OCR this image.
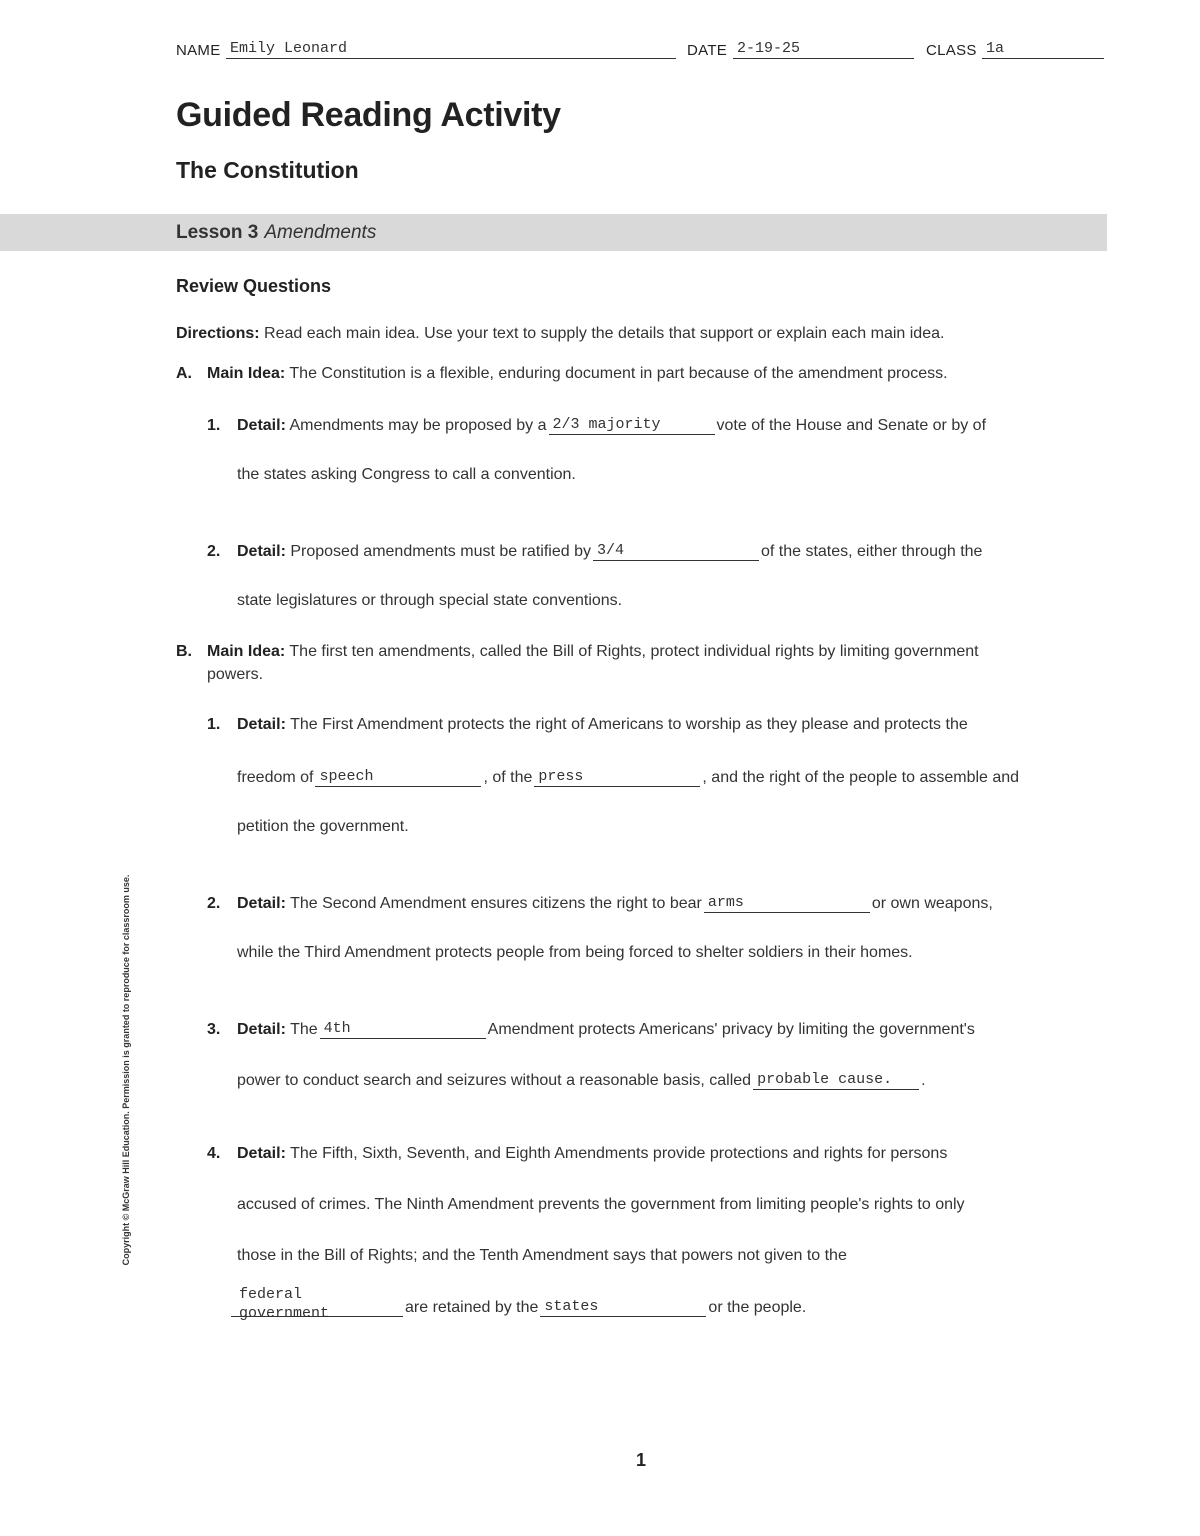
NAME Emily Leonard	DATE 2-19-25	CLASS 1a
Guided Reading Activity
The Constitution
Lesson 3 Amendments
Review Questions
Directions: Read each main idea. Use your text to supply the details that support or explain each main idea.
A. Main Idea: The Constitution is a flexible, enduring document in part because of the amendment process.
1. Detail: Amendments may be proposed by a 2/3 majority	vote of the House and Senate or by of
the states asking Congress to call a convention.
2. Detail: Proposed amendments must be ratified by 3/4	of the states, either through the
state legislatures or through special state conventions.
B. Main Idea: The first ten amendments, called the Bill of Rights, protect individual rights by limiting government
powers.
1. Detail: The First Amendment protects the right of Americans to worship as they please and protects the
freedom of speech	, of the press	, and the right of the people to assemble and
petition the government.
2. Detail: The Second Amendment ensures citizens the right to bear arms	or own weapons,
while the Third Amendment protects people from being forced to shelter soldiers in their homes.
3. Detail: The 4th	Amendment protects Americans' privacy by limiting the government's
power to conduct search and seizures without a reasonable basis, called probable cause. .
4. Detail: The Fifth, Sixth, Seventh, and Eighth Amendments provide protections and rights for persons
accused of crimes. The Ninth Amendment prevents the government from limiting people's rights to only
those in the Bill of Rights; and the Tenth Amendment says that powers not given to the
federal
government	are retained by the states	or the people.
Copyright © McGraw Hill Education. Permission is granted to reproduce for classroom use.
1
